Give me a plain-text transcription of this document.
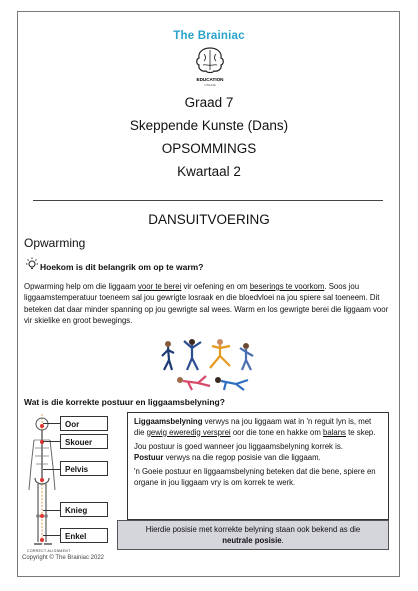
The Brainiac
EDUCATION
ONLINE
Graad 7
Skeppende Kunste (Dans)
OPSOMMINGS
Kwartaal 2
DANSUITVOERING
Opwarming
Hoekom is dit belangrik om op te warm?
Opwarming help om die liggaam voor te berei vir oefening en om beserings te voorkom. Soos jou liggaamstemperatuur toeneem sal jou gewrigte losraak en die bloedvloei na jou spiere sal toeneem. Dit beteken dat daar minder spanning op jou gewrigte sal wees. Warm en los gewrigte berei die liggaam voor vir skielike en groot bewegings.
Wat is die korrekte postuur en liggaamsbelyning?
CORRECT ALIGNMENT
Oor
Skouer
Pelvis
Knieg
Enkel

Liggaamsbelyning verwys na jou liggaam wat in 'n reguit lyn is, met die gewig eweredig versprei oor die tone en hakke om balans te skep.

Jou postuur is goed wanneer jou liggaamsbelyning korrek is.
Postuur verwys na die regop posisie van die liggaam.

'n Goeie postuur en liggaamsbelyning beteken dat die bene, spiere en organe in jou liggaam vry is om korrek te werk.

Hierdie posisie met korrekte belyning staan ook bekend as die
neutrale posisie.
Copyright © The Brainiac 2022
